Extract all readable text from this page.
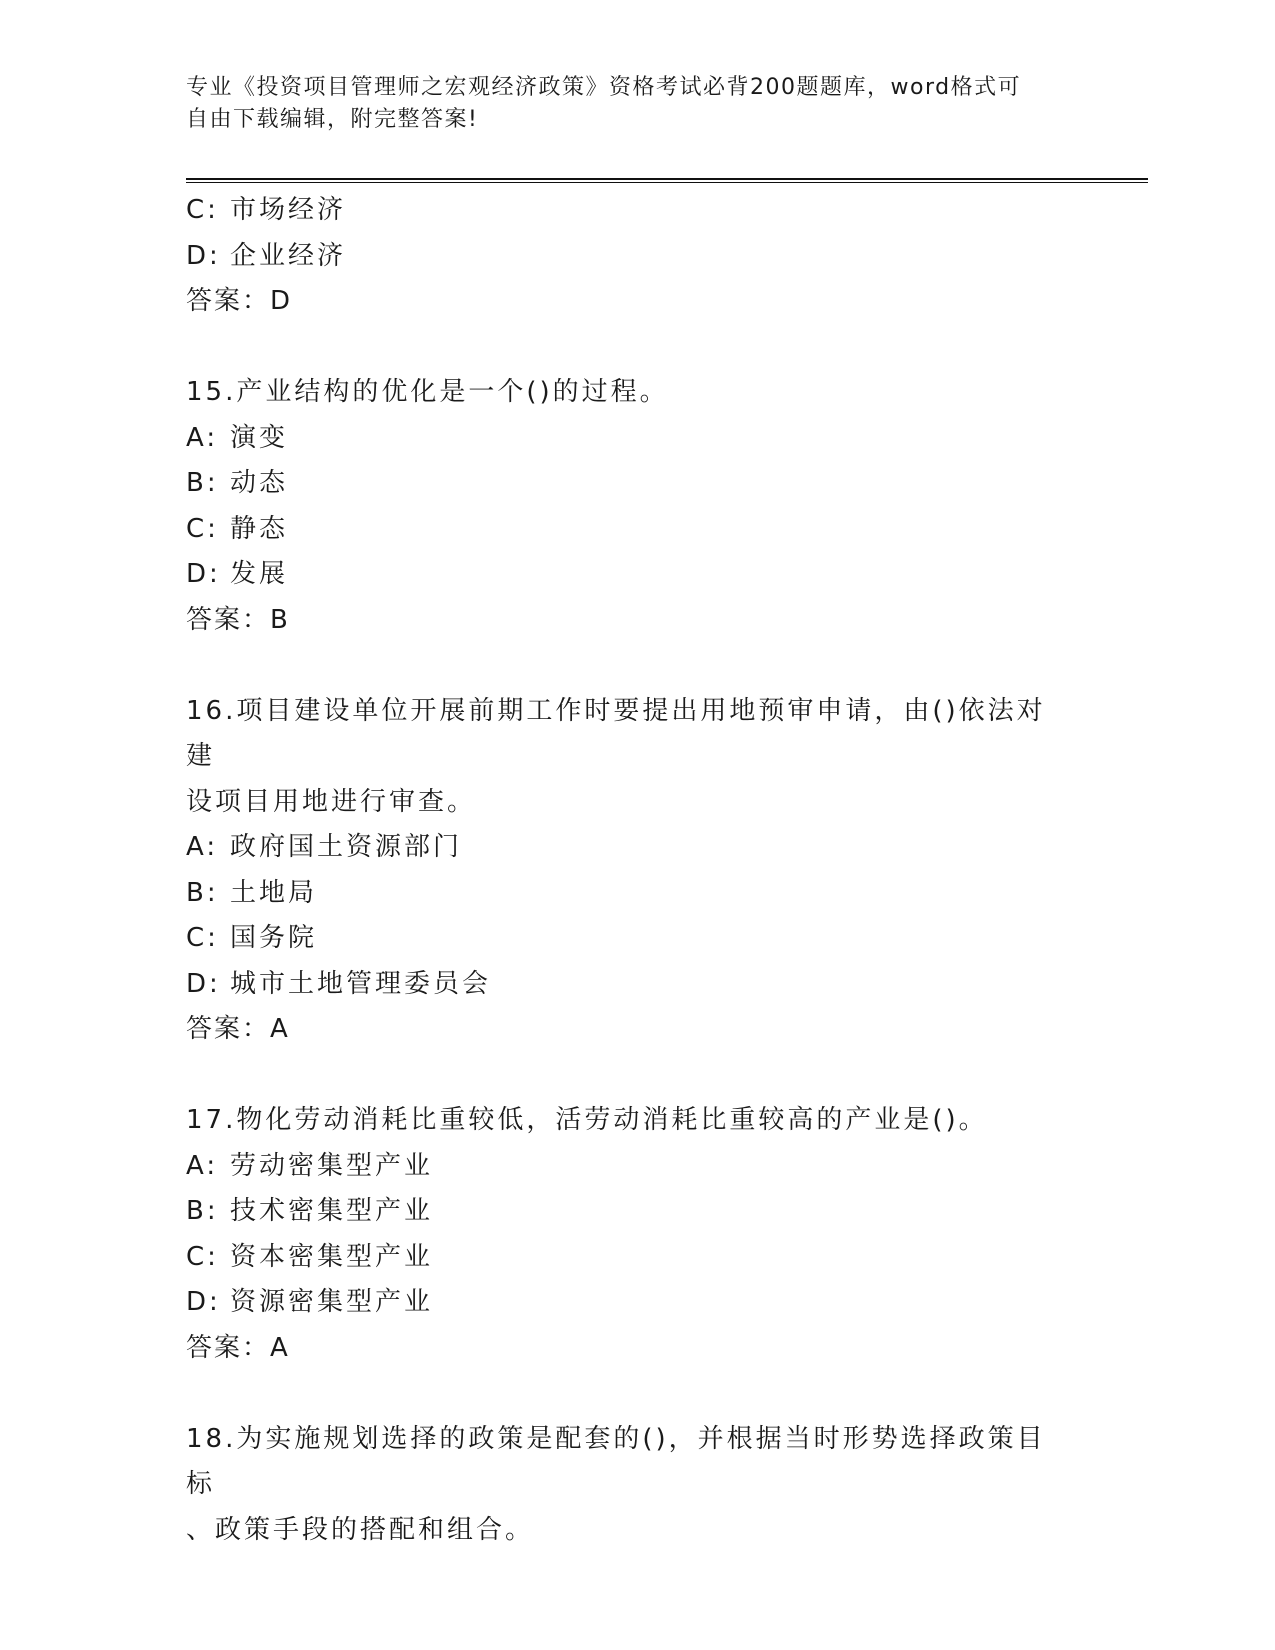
专业《投资项目管理师之宏观经济政策》资格考试必背200题题库，word格式可
自由下载编辑，附完整答案!
C: 市场经济
D: 企业经济
答案：D
15.产业结构的优化是一个()的过程。
A: 演变
B: 动态
C: 静态
D: 发展
答案：B
16.项目建设单位开展前期工作时要提出用地预审申请，由()依法对建
设项目用地进行审查。
A: 政府国土资源部门
B: 土地局
C: 国务院
D: 城市土地管理委员会
答案：A
17.物化劳动消耗比重较低，活劳动消耗比重较高的产业是()。
A: 劳动密集型产业
B: 技术密集型产业
C: 资本密集型产业
D: 资源密集型产业
答案：A
18.为实施规划选择的政策是配套的()，并根据当时形势选择政策目标
、政策手段的搭配和组合。
